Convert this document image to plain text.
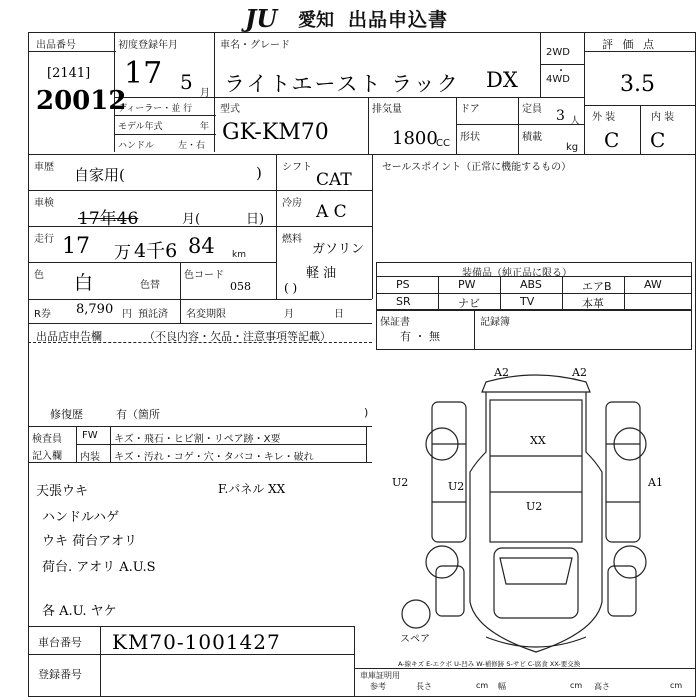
JU 愛知 出品申込書
出品番号
[2141]
20012
初度登録年月
17 5 月
車名・グレード
ライトエースト ラック DX
2WD
・
4WD
評 価 点
3.5
外 装	内 装
C C
ディーラー・並 行
モデル年式	年
ハンドル	左・右
型式
GK-KM70
排気量
1800
CC
ドア	定員 3 人
形状	積載
kg
車歴 自家用(	) シフト
CAT
セールスポイント（正常に機能するもの）
車検
17年46	月(	日)
冷房 A C
走行 17 万 4千6 84 km
燃料
ガソリン
軽 油
( )
色 白	色替
色コード
058
装備品（純正品に限る）
PS	PW	ABS	エアB	AW
SR	ナビ	TV	本革
R券 8,790 円 預託済 名変期限	月	日
保証書
有 ・ 無
記録簿
出品店申告欄	（不良内容・欠品・注意事項等記載）
修復歴	有（箇所	)
検査員
記入欄
FW キズ・飛石・ヒビ割・リペア跡・X要
内装 キズ・汚れ・コゲ・穴・タバコ・キレ・破れ
天張ウキ
ハンドルハゲ
ウキ 荷台アオリ
F.パネル XX
荷台. アオリ A.U.S
各 A.U. ヤケ
車台番号 KM70-1001427
登録番号
A2	A2
XX
U2
U2
U2	A1
スペア
A-線キズ E-エクボ U-凹み W-補修跡 S-サビ C-腐食 XX-要交換
車庫証明用
参考	長さ	cm 幅	cm 高さ	cm
